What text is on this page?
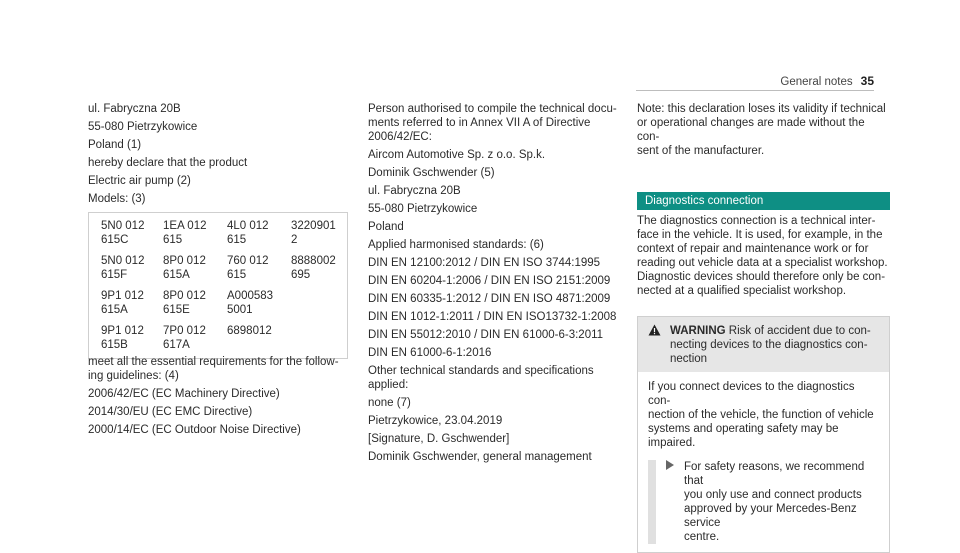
General notes 35
ul. Fabryczna 20B
55-080 Pietrzykowice
Poland (1)
hereby declare that the product
Electric air pump (2)
Models: (3)
5N0 012
615C
1EA 012
615
4L0 012
615
3220901
2
5N0 012
615F
8P0 012
615A
760 012
615
8888002
695
9P1 012
615A
8P0 012
615E
A000583
5001
9P1 012
615B
7P0 012
617A
6898012
meet all the essential requirements for the follow-
ing guidelines: (4)
2006/42/EC (EC Machinery Directive)
2014/30/EU (EC EMC Directive)
2000/14/EC (EC Outdoor Noise Directive)
Person authorised to compile the technical docu-
ments referred to in Annex VII A of Directive
2006/42/EC:
Aircom Automotive Sp. z o.o. Sp.k.
Dominik Gschwender (5)
ul. Fabryczna 20B
55-080 Pietrzykowice
Poland
Applied harmonised standards: (6)
DIN EN 12100:2012 / DIN EN ISO 3744:1995
DIN EN 60204-1:2006 / DIN EN ISO 2151:2009
DIN EN 60335-1:2012 / DIN EN ISO 4871:2009
DIN EN 1012-1:2011 / DIN EN ISO13732-1:2008
DIN EN 55012:2010 / DIN EN 61000-6-3:2011
DIN EN 61000-6-1:2016
Other technical standards and specifications
applied:
none (7)
Pietrzykowice, 23.04.2019
[Signature, D. Gschwender]
Dominik Gschwender, general management
Note: this declaration loses its validity if technical
or operational changes are made without the con-
sent of the manufacturer.
Diagnostics connection
The diagnostics connection is a technical inter-
face in the vehicle. It is used, for example, in the
context of repair and maintenance work or for
reading out vehicle data at a specialist workshop.
Diagnostic devices should therefore only be con-
nected at a qualified specialist workshop.
WARNING Risk of accident due to con-
necting devices to the diagnostics con-
nection
If you connect devices to the diagnostics con-
nection of the vehicle, the function of vehicle
systems and operating safety may be
impaired.
For safety reasons, we recommend that
you only use and connect products
approved by your Mercedes-Benz service
centre.
